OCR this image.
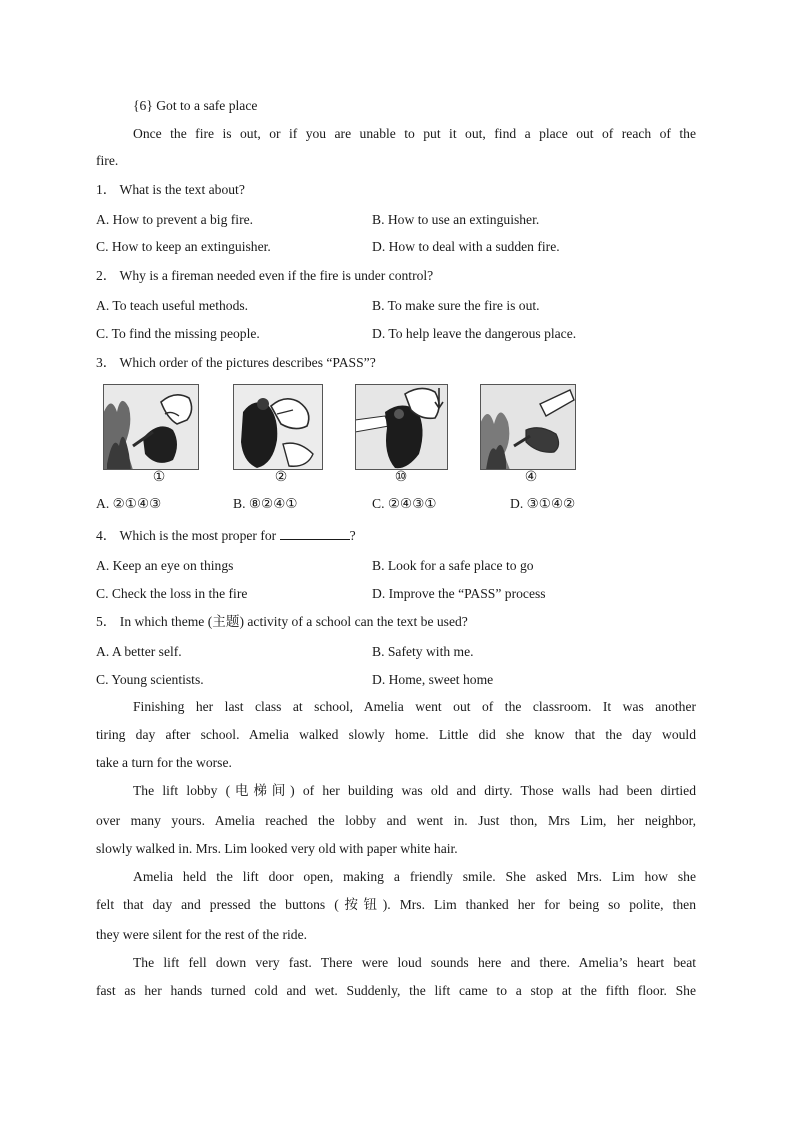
{6} Got to a safe place
Once the fire is out, or if you are unable to put it out, find a place out of reach of the
fire.
1． What is the text about?
A. How to prevent a big fire.	B. How to use an extinguisher.
C. How to keep an extinguisher.	D. How to deal with a sudden fire.
2． Why is a fireman needed even if the fire is under control?
A. To teach useful methods.	B. To make sure the fire is out.
C. To find the missing people.	D. To help leave the dangerous place.
3． Which order of the pictures describes “PASS”?
①	②	⑩	④
A. ②①④③	B. ⑧②④①	C. ②④③①	D. ③①④②
4． Which is the most proper for	?
A. Keep an eye on things	B. Look for a safe place to go
C. Check the loss in the fire	D. Improve the “PASS” process
5． In which theme (主题) activity of a school can the text be used?
A. A better self.	B. Safety with me.
C. Young scientists.	D. Home, sweet home
Finishing her last class at school, Amelia went out of the classroom. It was another
tiring day after school. Amelia walked slowly home. Little did she know that the day would
take a turn for the worse.
The lift lobby (电梯间) of her building was old and dirty. Those walls had been dirtied
over many yours. Amelia reached the lobby and went in. Just thon, Mrs Lim, her neighbor,
slowly walked in. Mrs. Lim looked very old with paper white hair.
Amelia held the lift door open, making a friendly smile. She asked Mrs. Lim how she
felt that day and pressed the buttons (按钮). Mrs. Lim thanked her for being so polite, then
they were silent for the rest of the ride.
The lift fell down very fast. There were loud sounds here and there. Amelia’s heart beat
fast as her hands turned cold and wet. Suddenly, the lift came to a stop at the fifth floor. She
